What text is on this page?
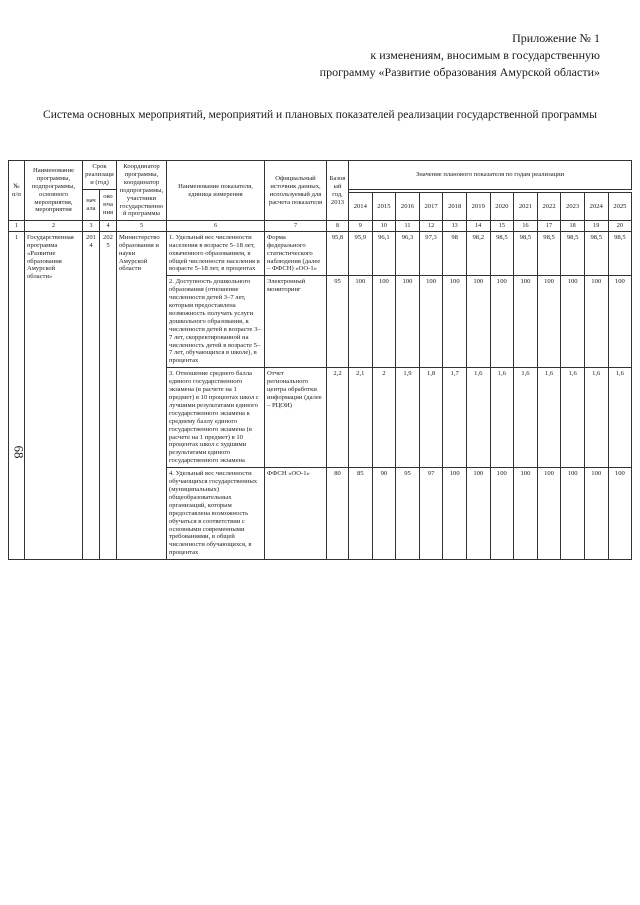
68
Приложение № 1
к изменениям, вносимым в государственную
программу «Развитие образования Амурской области»
Система основных мероприятий, мероприятий и плановых показателей реализации государственной программы
№ п/п	Наименование программы, подпрограммы, основного мероприятия, мероприятия	Срок реализации (год)		Координатор программы, координатор подпрограммы, участники государственной программы	Наименование показателя, единица измерения	Официальный источник данных, используемый для расчета показателя	Базовый год, 2013	Значение планового показателя по годам реализации											
		начала	окончания																
								2014	2015	2016	2017	2018	2019	2020	2021	2022	2023	2024	2025
1	2	3	4	5	6	7	8	9	10	11	12	13	14	15	16	17	18	19	20
1	Государственная программа «Развитие образования Амурской области»	2014	2025	Министерство образования и науки Амурской области	1. Удельный вес численности населения в возрасте 5–18 лет, охваченного образованием, в общей численности населения в возрасте 5–18 лет, в процентах	Форма федерального статистического наблюдения (далее – ФФСН) «ОО-1»	95,8	95,9	96,1	96,3	97,3	98	98,2	98,5	98,5	98,5	98,5	98,5	98,5
					2. Доступность дошкольного образования (отношение численности детей 3–7 лет, которым предоставлена возможность получать услуги дошкольного образования, к численности детей в возрасте 3–7 лет, скорректированной на численность детей в возрасте 5–7 лет, обучающихся в школе), в процентах	Электронный мониторинг	95	100	100	100	100	100	100	100	100	100	100	100	100
					3. Отношение среднего балла единого государственного экзамена (в расчете на 1 предмет) в 10 процентах школ с лучшими результатами единого государственного экзамена к среднему баллу единого государственного экзамена (в расчете на 1 предмет) в 10 процентах школ с худшими результатами единого государственного экзамена	Отчет регионального центра обработки информации (далее – РЦОИ)	2,2	2,1	2	1,9	1,8	1,7	1,6	1,6	1,6	1,6	1,6	1,6	1,6
					4. Удельный вес численности обучающихся государственных (муниципальных) общеобразовательных организаций, которым предоставлена возможность обучаться в соответствии с основными современными требованиями, в общей численности обучающихся, в процентах	ФФСН «ОО-1»	80	85	90	95	97	100	100	100	100	100	100	100	100
